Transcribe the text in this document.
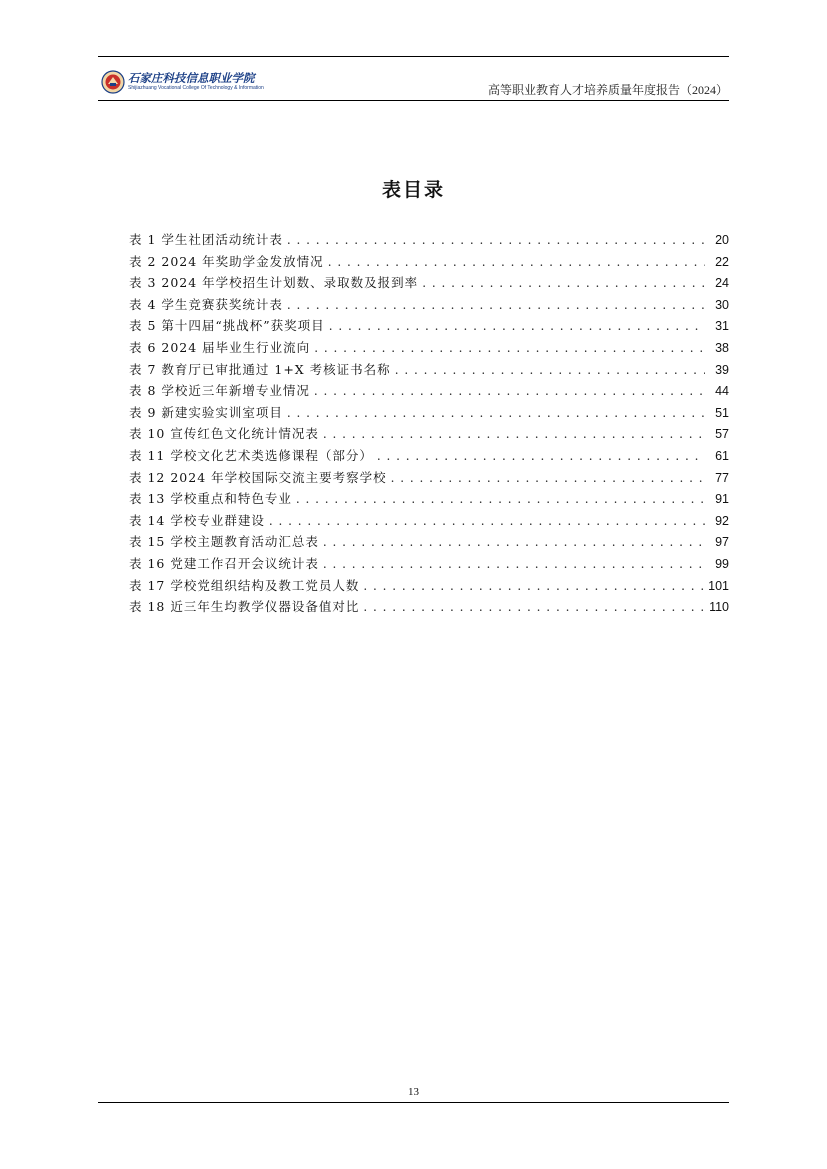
石家庄科技信息职业学院
Shijiazhuang Vocational College Of Technology & Information	高等职业教育人才培养质量年度报告（2024）
表目录
表 1 学生社团活动统计表 . . .	20
表 2 2024 年奖助学金发放情况 . . .	22
表 3 2024 年学校招生计划数、录取数及报到率 . . .	24
表 4 学生竞赛获奖统计表 . . .	30
表 5 第十四届“挑战杯”获奖项目 . . .	31
表 6 2024 届毕业生行业流向 . . .	38
表 7 教育厅已审批通过 1+X 考核证书名称 . . .	39
表 8 学校近三年新增专业情况 . . .	44
表 9 新建实验实训室项目 . . .	51
表 10 宣传红色文化统计情况表 . . .	57
表 11 学校文化艺术类选修课程（部分） . . .	61
表 12 2024 年学校国际交流主要考察学校 . . .	77
表 13 学校重点和特色专业 . . .	91
表 14 学校专业群建设 . . .	92
表 15 学校主题教育活动汇总表 . . .	97
表 16 党建工作召开会议统计表 . . .	99
表 17 学校党组织结构及教工党员人数 . . .	101
表 18 近三年生均教学仪器设备值对比 . . .	110
13
